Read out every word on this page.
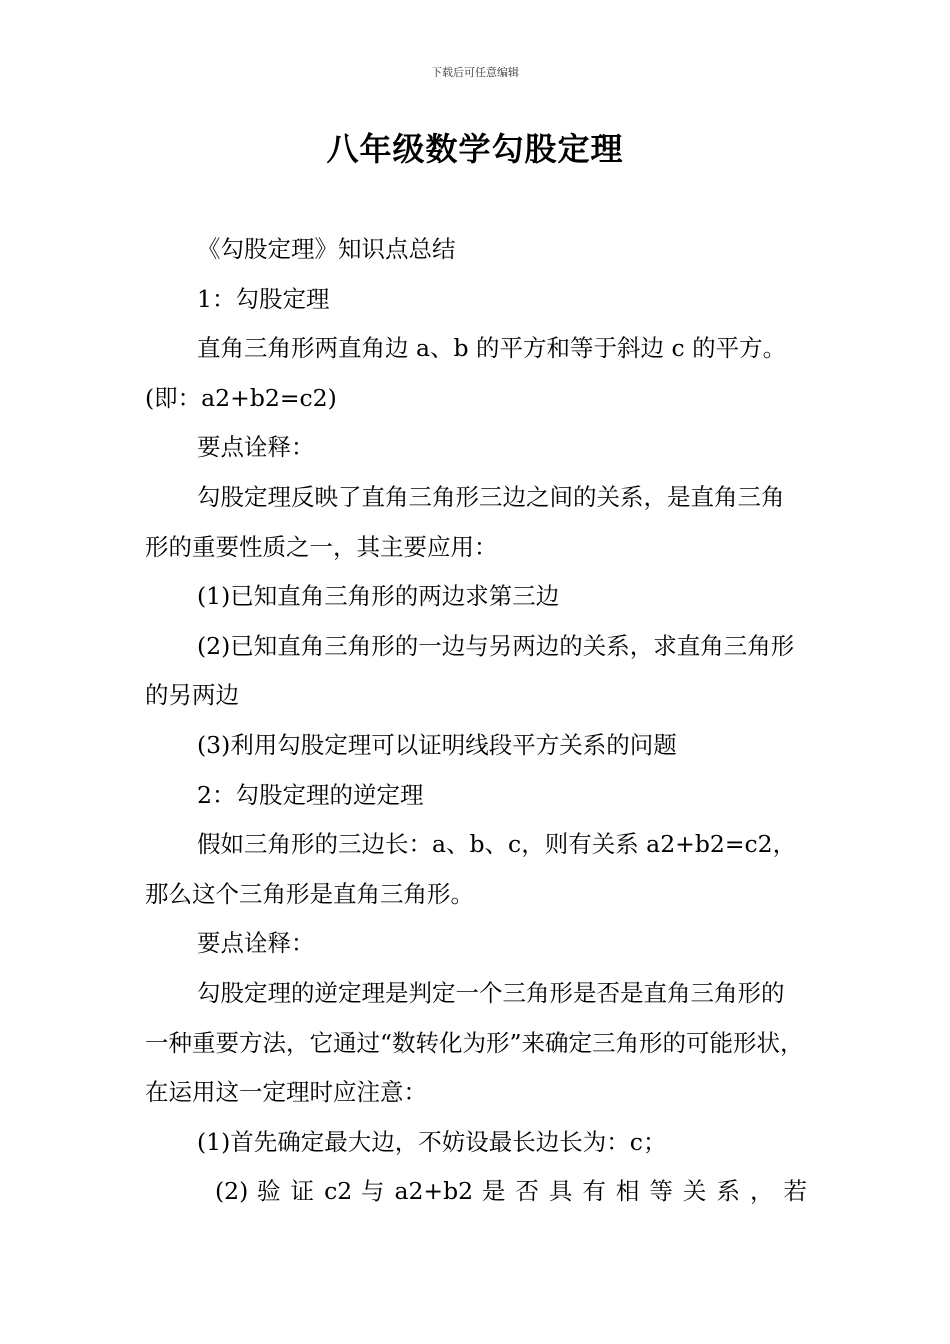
下载后可任意编辑
八年级数学勾股定理

《勾股定理》知识点总结

1：勾股定理

直角三角形两直角边 a、b 的平方和等于斜边 c 的平方。(即：a2+b2=c2)

要点诠释：

勾股定理反映了直角三角形三边之间的关系，是直角三角形的重要性质之一，其主要应用：

(1)已知直角三角形的两边求第三边

(2)已知直角三角形的一边与另两边的关系，求直角三角形的另两边

(3)利用勾股定理可以证明线段平方关系的问题

2：勾股定理的逆定理

假如三角形的三边长：a、b、c，则有关系 a2+b2=c2，那么这个三角形是直角三角形。

要点诠释：

勾股定理的逆定理是判定一个三角形是否是直角三角形的一种重要方法，它通过“数转化为形”来确定三角形的可能形状，在运用这一定理时应注意：

(1)首先确定最大边，不妨设最长边长为：c；

(2) 验 证 c2 与 a2+b2 是 否 具 有 相 等 关 系 ， 若
